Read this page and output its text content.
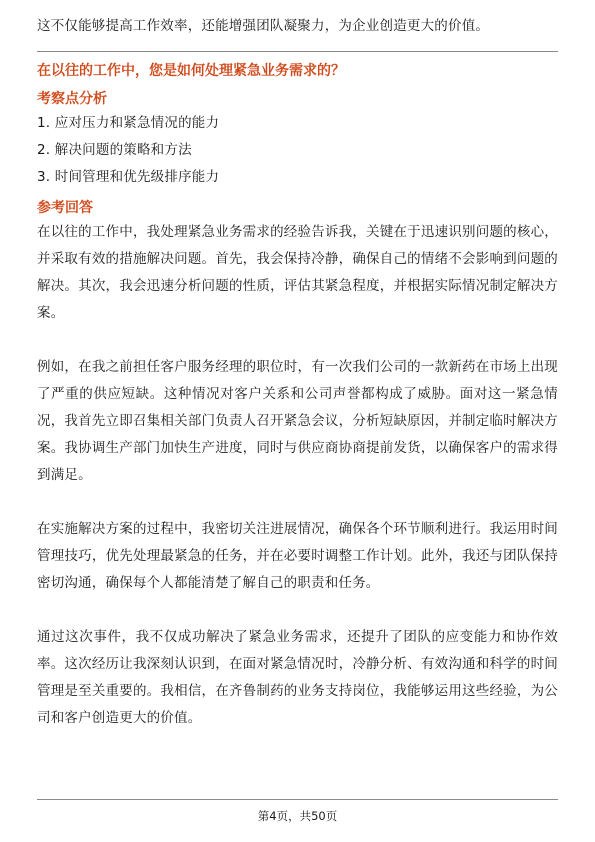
这不仅能够提高工作效率，还能增强团队凝聚力，为企业创造更大的价值。

在以往的工作中，您是如何处理紧急业务需求的？

考察点分析
1. 应对压力和紧急情况的能力
2. 解决问题的策略和方法
3. 时间管理和优先级排序能力
参考回答

在以往的工作中，我处理紧急业务需求的经验告诉我，关键在于迅速识别问题的核心，并采取有效的措施解决问题。首先，我会保持冷静，确保自己的情绪不会影响到问题的解决。其次，我会迅速分析问题的性质，评估其紧急程度，并根据实际情况制定解决方案。

例如，在我之前担任客户服务经理的职位时，有一次我们公司的一款新药在市场上出现了严重的供应短缺。这种情况对客户关系和公司声誉都构成了威胁。面对这一紧急情况，我首先立即召集相关部门负责人召开紧急会议，分析短缺原因，并制定临时解决方案。我协调生产部门加快生产进度，同时与供应商协商提前发货，以确保客户的需求得到满足。

在实施解决方案的过程中，我密切关注进展情况，确保各个环节顺利进行。我运用时间管理技巧，优先处理最紧急的任务，并在必要时调整工作计划。此外，我还与团队保持密切沟通，确保每个人都能清楚了解自己的职责和任务。

通过这次事件，我不仅成功解决了紧急业务需求，还提升了团队的应变能力和协作效率。这次经历让我深刻认识到，在面对紧急情况时，冷静分析、有效沟通和科学的时间管理是至关重要的。我相信，在齐鲁制药的业务支持岗位，我能够运用这些经验，为公司和客户创造更大的价值。

第4页，共50页
